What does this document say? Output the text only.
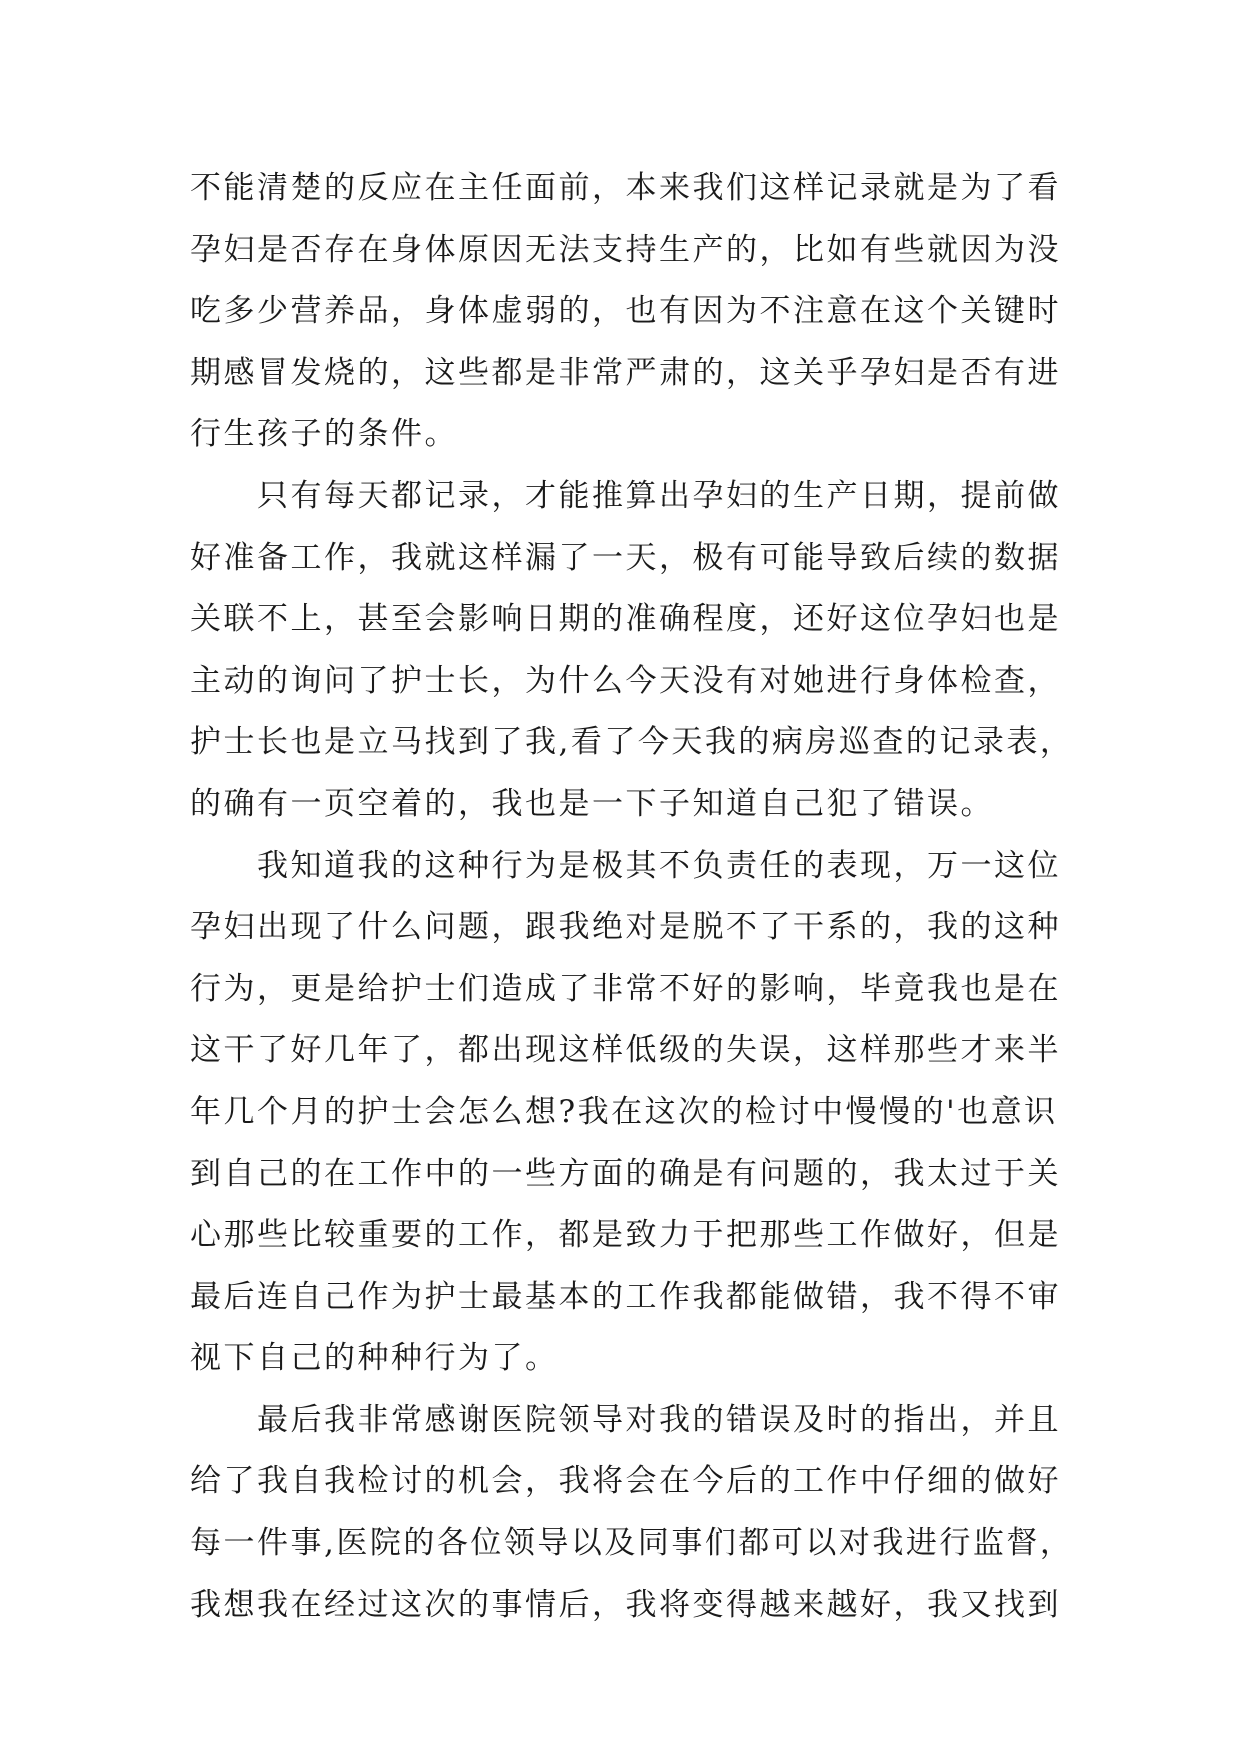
不能清楚的反应在主任面前，本来我们这样记录就是为了看
孕妇是否存在身体原因无法支持生产的，比如有些就因为没
吃多少营养品，身体虚弱的，也有因为不注意在这个关键时
期感冒发烧的，这些都是非常严肃的，这关乎孕妇是否有进
行生孩子的条件。
　　只有每天都记录，才能推算出孕妇的生产日期，提前做
好准备工作，我就这样漏了一天，极有可能导致后续的数据
关联不上，甚至会影响日期的准确程度，还好这位孕妇也是
主动的询问了护士长，为什么今天没有对她进行身体检查，
护士长也是立马找到了我,看了今天我的病房巡查的记录表，
的确有一页空着的，我也是一下子知道自己犯了错误。
　　我知道我的这种行为是极其不负责任的表现，万一这位
孕妇出现了什么问题，跟我绝对是脱不了干系的，我的这种
行为，更是给护士们造成了非常不好的影响，毕竟我也是在
这干了好几年了，都出现这样低级的失误，这样那些才来半
年几个月的护士会怎么想?我在这次的检讨中慢慢的'也意识
到自己的在工作中的一些方面的确是有问题的，我太过于关
心那些比较重要的工作，都是致力于把那些工作做好，但是
最后连自己作为护士最基本的工作我都能做错，我不得不审
视下自己的种种行为了。
　　最后我非常感谢医院领导对我的错误及时的指出，并且
给了我自我检讨的机会，我将会在今后的工作中仔细的做好
每一件事,医院的各位领导以及同事们都可以对我进行监督，
我想我在经过这次的事情后，我将变得越来越好，我又找到
